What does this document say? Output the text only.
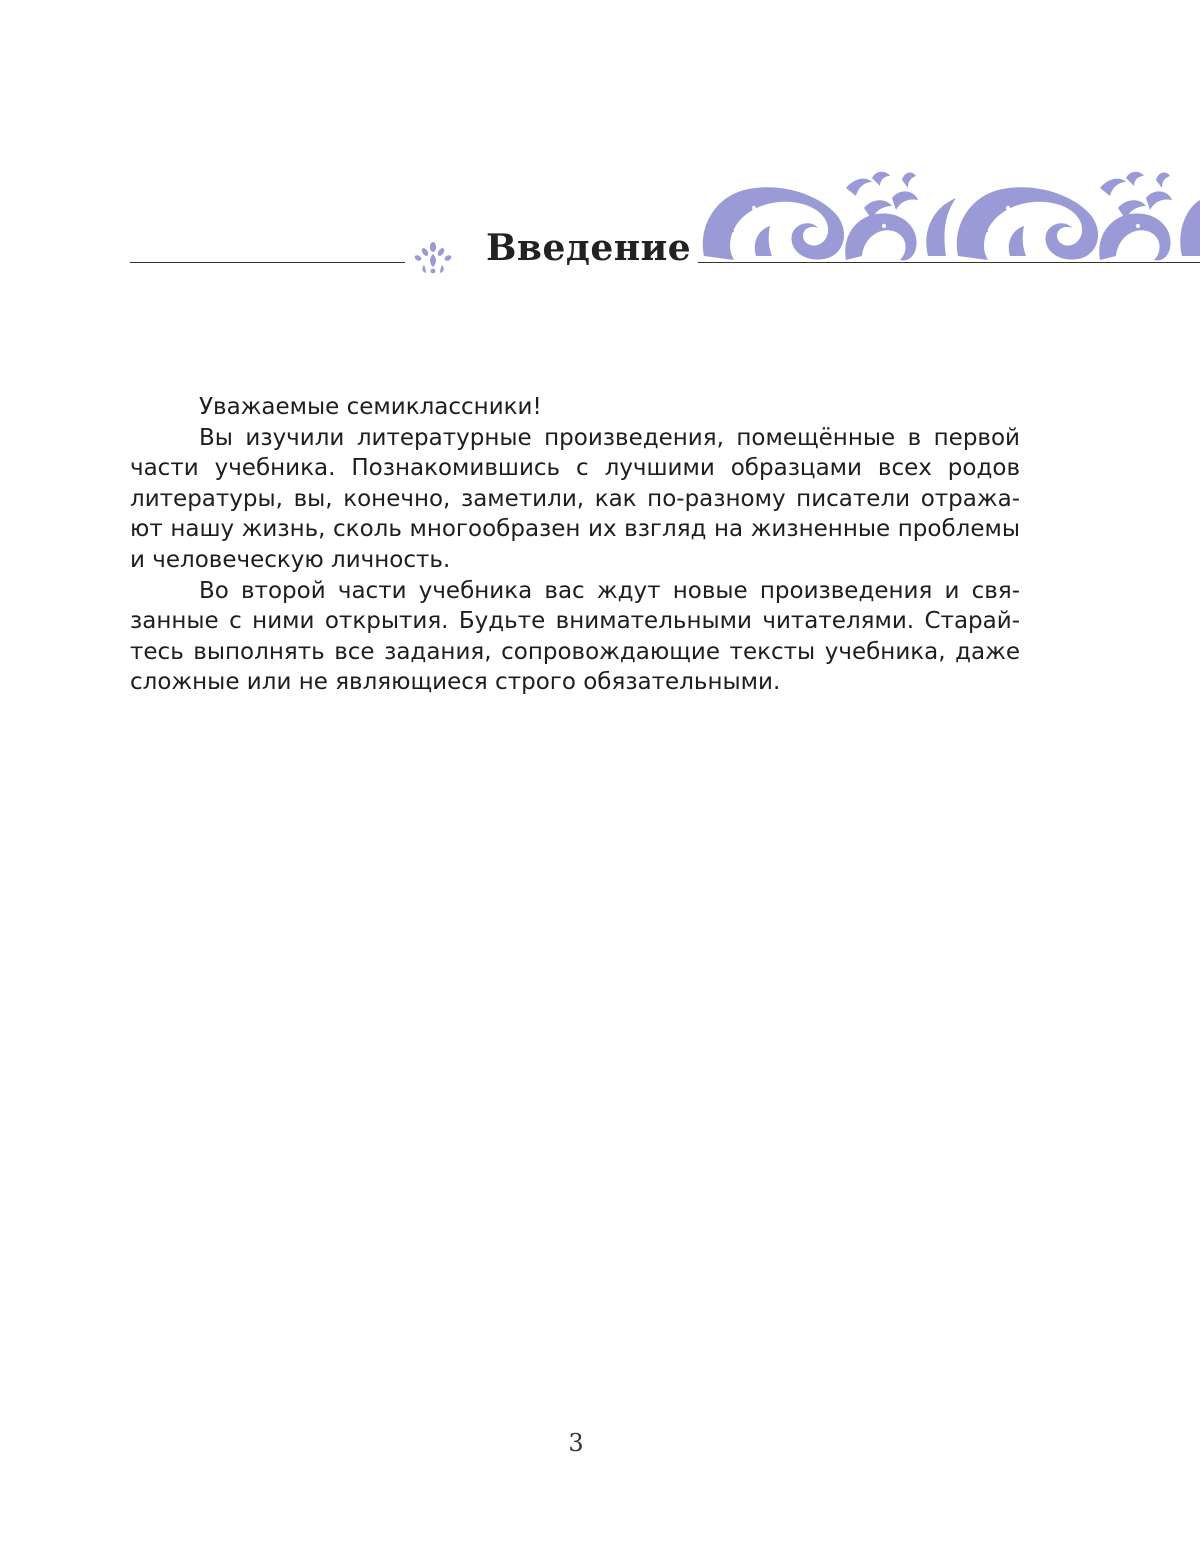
Введение

Уважаемые семиклассники!

Вы изучили литературные произведения, помещённые в первой части учебника. Познакомившись с лучшими образцами всех родов литературы, вы, конечно, заметили, как по-разному писатели отражают нашу жизнь, сколь многообразен их взгляд на жизненные проблемы и человеческую личность.

Во второй части учебника вас ждут новые произведения и связанные с ними открытия. Будьте внимательными читателями. Старайтесь выполнять все задания, сопровождающие тексты учебника, даже сложные или не являющиеся строго обязательными.

3
